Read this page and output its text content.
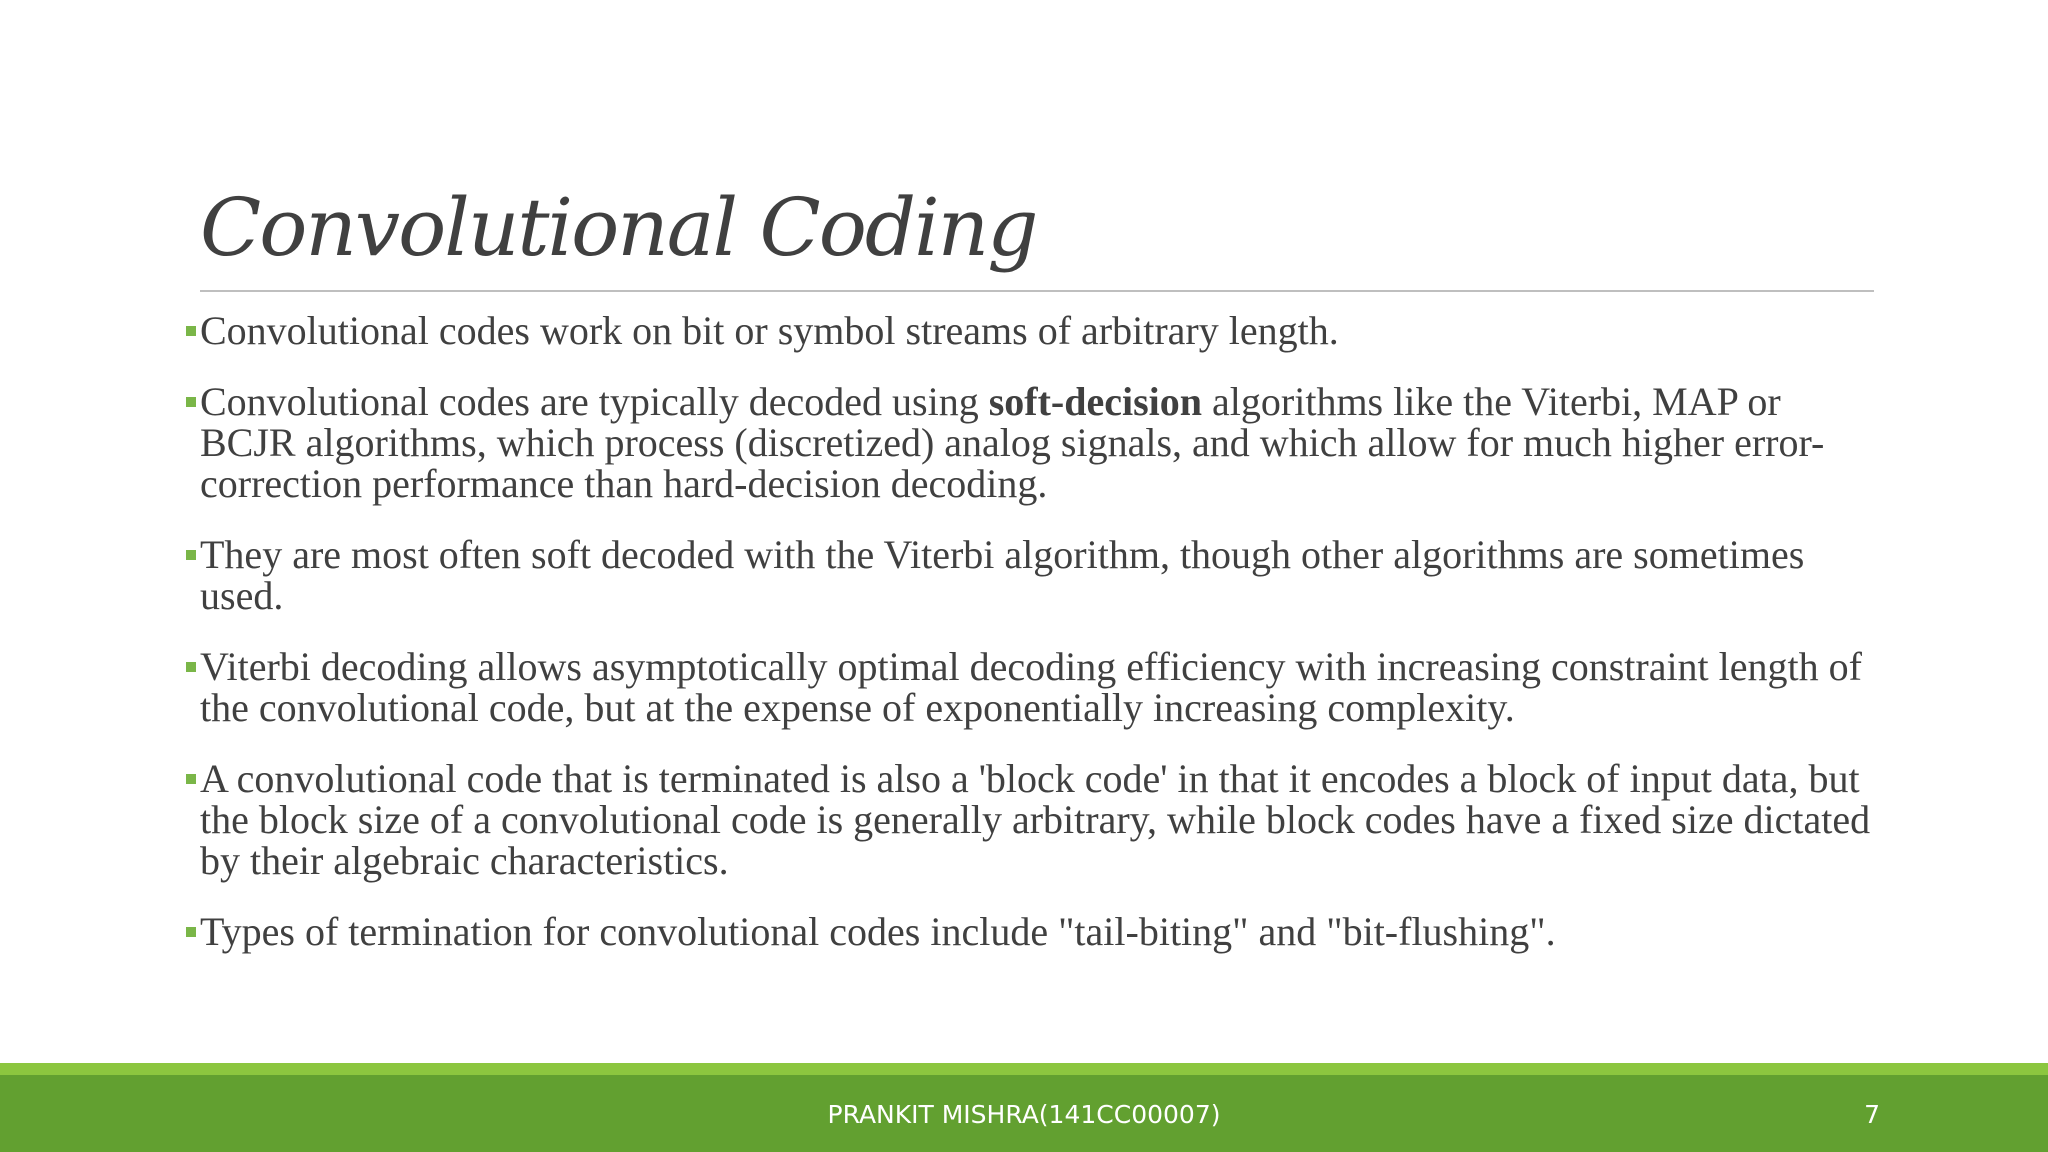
Convolutional Coding
Convolutional codes work on bit or symbol streams of arbitrary length.
Convolutional codes are typically decoded using soft-decision algorithms like the Viterbi, MAP or BCJR algorithms, which process (discretized) analog signals, and which allow for much higher error-correction performance than hard-decision decoding.
They are most often soft decoded with the Viterbi algorithm, though other algorithms are sometimes used.
Viterbi decoding allows asymptotically optimal decoding efficiency with increasing constraint length of the convolutional code, but at the expense of exponentially increasing complexity.
A convolutional code that is terminated is also a 'block code' in that it encodes a block of input data, but the block size of a convolutional code is generally arbitrary, while block codes have a fixed size dictated by their algebraic characteristics.
Types of termination for convolutional codes include "tail-biting" and "bit-flushing".
PRANKIT MISHRA(141CC00007)	7
